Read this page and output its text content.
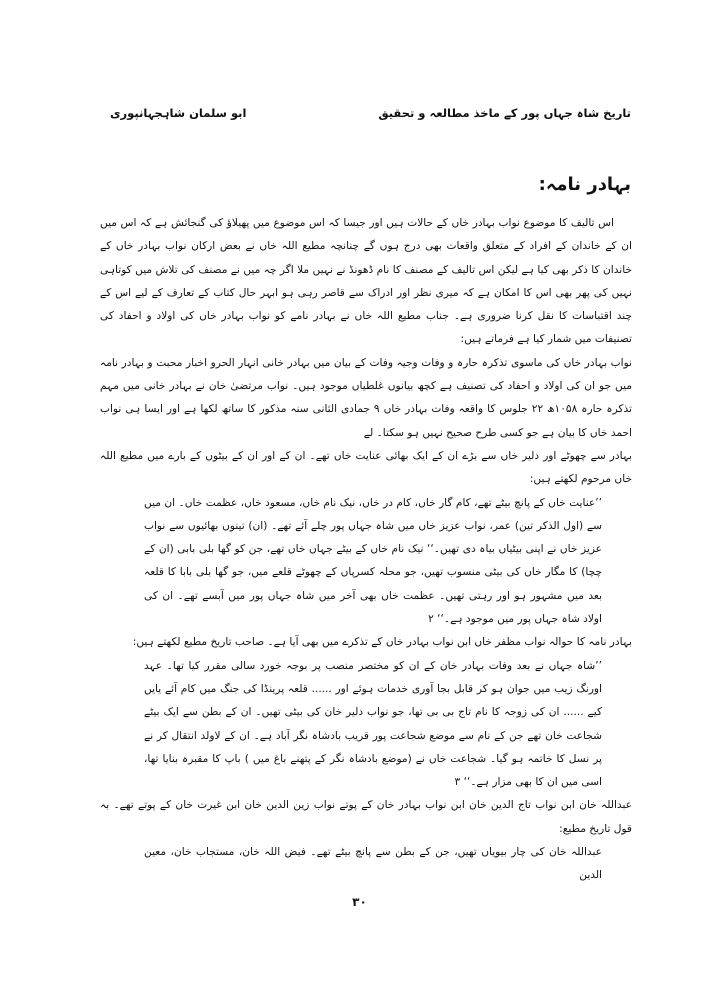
تاریخ شاہ جہاں پور کے ماخذ مطالعہ و تحقیق
ابو سلمان شاہجہانپوری
بہادر نامہ:

اس تالیف کا موضوع نواب بہادر خاں کے حالات ہیں اور جیسا کہ اس موضوع میں پھیلاؤ کی گنجائش ہے کہ اس میں ان کے خاندان کے افراد کے متعلق واقعات بھی درج ہوں گے چنانچہ مطیع اللہ خاں نے بعض ارکان نواب بہادر خاں کے خاندان کا ذکر بھی کیا ہے لیکن اس تالیف کے مصنف کا نام ڈھونڈ نے نہیں ملا اگر چہ میں نے مصنف کی تلاش میں کوتاہی نہیں کی پھر بھی اس کا امکان ہے کہ میری نظر اور ادراک سے قاصر رہی ہو ابہر حال کتاب کے تعارف کے لیے اس کے چند اقتباسات کا نقل کرنا ضروری ہے۔ جناب مطیع اللہ خاں نے بہادر نامے کو نواب بہادر خاں کی اولاد و احفاد کی تصنیفات میں شمار کیا ہے فرماتے ہیں:

نواب بہادر خاں کی ماسوی تذکرہ حارہ و وفات وجیہ وفات کے بیان میں بہادر خانی انہار الحرو اخبار محبت و بہادر نامہ میں جو ان کی اولاد و احفاد کی تصنیف ہے کچھ بیانوں غلطیاں موجود ہیں۔ نواب مرتضیٰ خان نے بہادر خانی میں مہم تذکرہ حارہ ۱۰۵۸ھ ۲۲ جلوس کا واقعہ وفات بہادر خاں ۹ جمادی الثانی سنہ مذکور کا ساتھ لکھا ہے اور ایسا ہی نواب احمد خاں کا بیان ہے جو کسی طرح صحیح نہیں ہو سکتا۔ لے

بہادر سے چھوٹے اور دلیر خاں سے بڑے ان کے ایک بھائی عنایت خاں تھے۔ ان کے اور ان کے بیٹوں کے بارے میں مطیع اللہ خاں مرحوم لکھتے ہیں:

’’عنایت خاں کے پانچ بیٹے تھے، کام گار خاں، کام در خاں، نیک نام خاں، مسعود خاں، عظمت خاں۔ ان میں سے (اول الذکر تین) عمر، نواب عزیز خاں میں شاہ جہاں پور چلے آئے تھے۔ (ان) تینوں بھائیوں سے نواب عزیز خاں نے اپنی بیٹیاں بیاہ دی تھیں۔‘‘ نیک نام خاں کے بیٹے جہاں خاں تھے، جن کو گھا بلی بابی (ان کے چچا) کا مگار خاں کی بیٹی منسوب تھیں، جو محلہ کسرپاں کے چھوٹے قلعے میں، جو گھا بلی بابا کا قلعہ بعد میں مشہور ہو اور رہتی تھیں۔ عظمت خاں بھی آخر میں شاہ جہاں پور میں آبسے تھے۔ ان کی اولاد شاہ جہاں پور میں موجود ہے۔‘‘ ۲

بہادر نامہ کا حوالہ نواب مظفر خاں ابن نواب بہادر خاں کے تذکرے میں بھی آیا ہے۔ صاحب تاریخ مطیع لکھتے ہیں:

’’شاہ جہاں نے بعد وفات بہادر خان کے ان کو مختصر منصب پر بوجہ خورد سالی مقرر کیا تھا۔ عہد اورنگ زیب میں جوان ہو کر قابل بجا آوری خدمات ہوئے اور ...... قلعہ پرینڈا کی جنگ میں کام آئے یایں کیے ...... ان کی زوجہ کا نام تاج بی بی تھا، جو نواب دلیر خان کی بیٹی تھیں۔ ان کے بطن سے ایک بیٹے شجاعت خان تھے جن کے نام سے موضع شجاعت پور قریب بادشاہ نگر آباد ہے۔ ان کے لاولد انتقال کر نے پر نسل کا خاتمہ ہو گیا۔ شجاعت خاں نے (موضع بادشاہ نگر کے پتھنے باغ میں ) باپ کا مقبرہ بنایا تھا، اسی میں ان کا بھی مزار ہے۔‘‘ ۳

عبداللہ خان ابن نواب تاج الدین خان ابن نواب بہادر خان کے پوتے نواب زین الدین خان ابن غیرت خان کے پوتے تھے۔ بہ قول تاریخ مطیع:

عبداللہ خان کی چار بیویاں تھیں، جن کے بطن سے پانچ بیٹے تھے۔ فیض اللہ خان، مستجاب خان، معین الدین

۳۰
